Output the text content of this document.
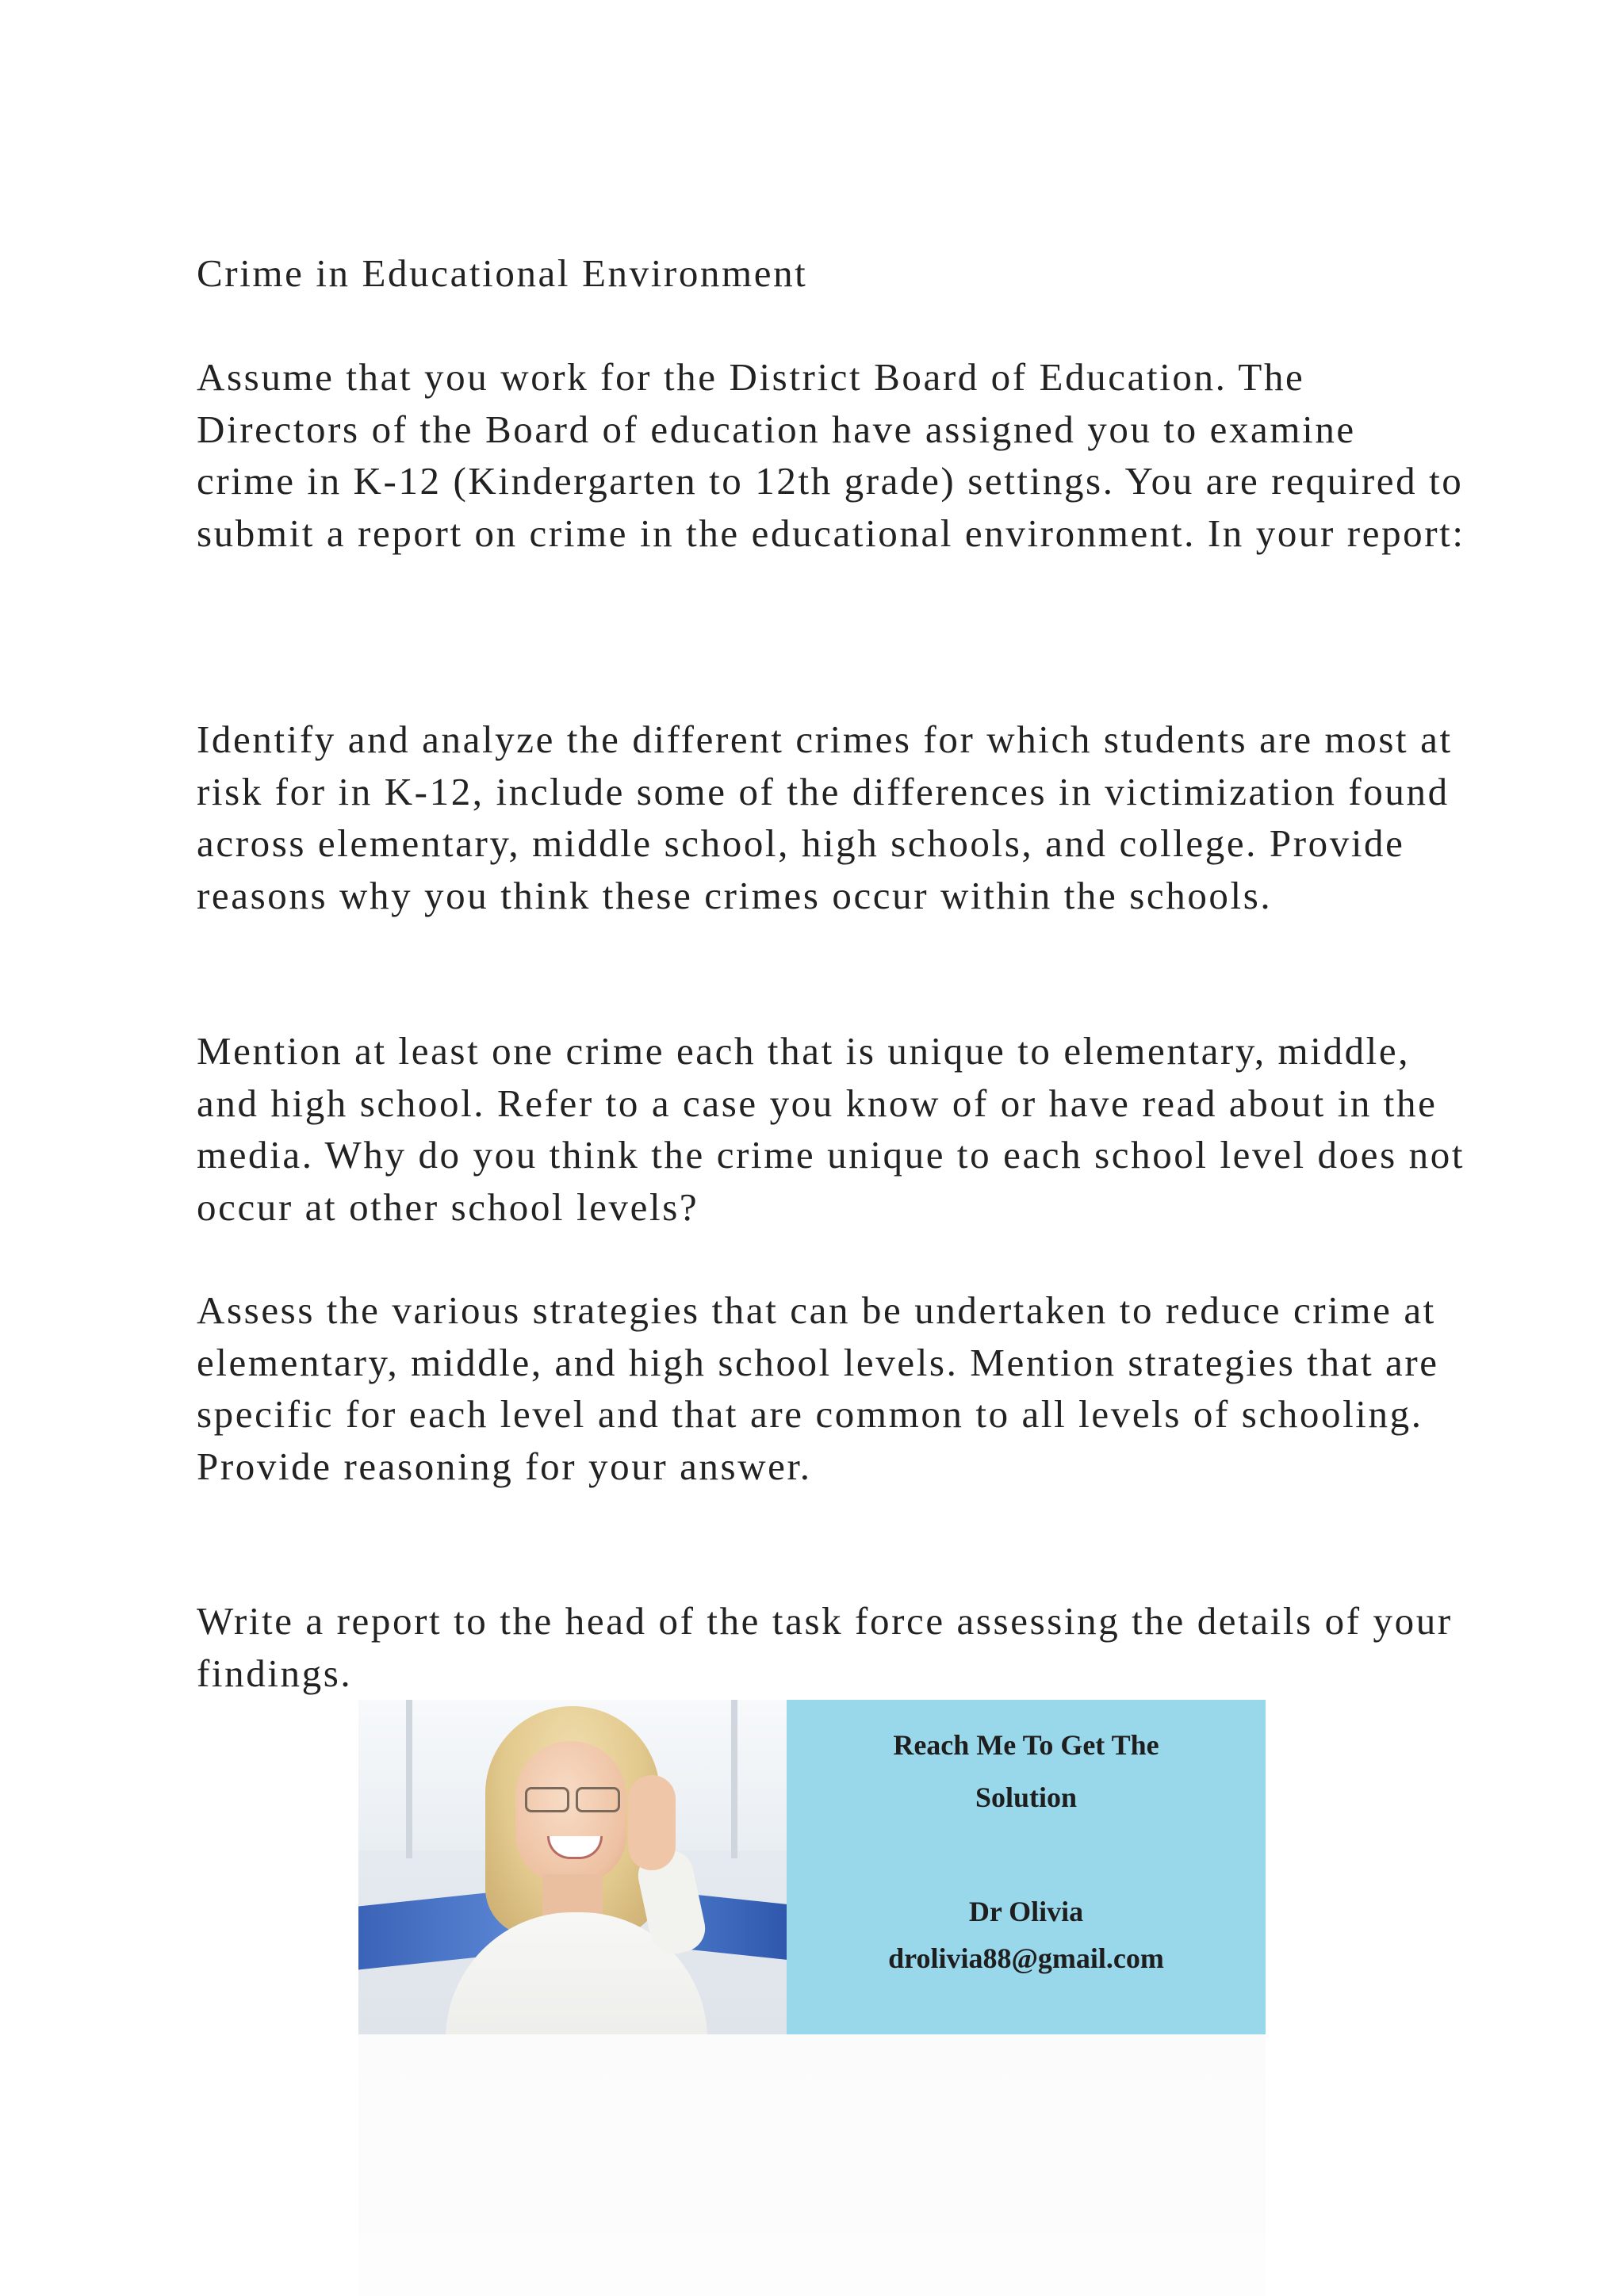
Crime in Educational Environment

Assume that you work for the District Board of Education. The Directors of the Board of education have assigned you to examine crime in K-12 (Kindergarten to 12th grade) settings. You are required to submit a report on crime in the educational environment. In your report:

Identify and analyze the different crimes for which students are most at risk for in K-12, include some of the differences in victimization found across elementary, middle school, high schools, and college. Provide reasons why you think these crimes occur within the schools.

Mention at least one crime each that is unique to elementary, middle, and high school. Refer to a case you know of or have read about in the media. Why do you think the crime unique to each school level does not occur at other school levels?

Assess the various strategies that can be undertaken to reduce crime at elementary, middle, and high school levels. Mention strategies that are specific for each level and that are common to all levels of schooling. Provide reasoning for your answer.

Write a report to the head of the task force assessing the details of your findings.

Reach Me To Get The
Solution
Dr Olivia
drolivia88@gmail.com
